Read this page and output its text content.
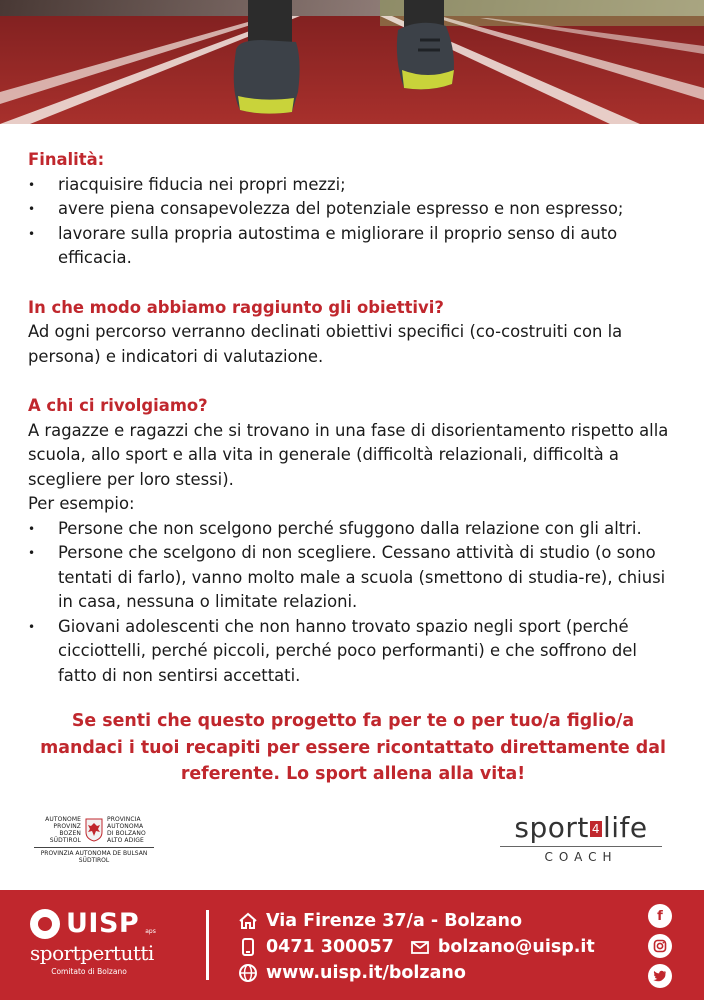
Finalità:
• riacquisire fiducia nei propri mezzi;
• avere piena consapevolezza del potenziale espresso e non espresso;
• lavorare sulla propria autostima e migliorare il proprio senso di auto efficacia.
In che modo abbiamo raggiunto gli obiettivi?
Ad ogni percorso verranno declinati obiettivi specifici (co-costruiti con la persona) e indicatori di valutazione.
A chi ci rivolgiamo?
A ragazze e ragazzi che si trovano in una fase di disorientamento rispetto alla scuola, allo sport e alla vita in generale (difficoltà relazionali, difficoltà a scegliere per loro stessi).
Per esempio:
• Persone che non scelgono perché sfuggono dalla relazione con gli altri.
• Persone che scelgono di non scegliere. Cessano attività di studio (o sono tentati di farlo), vanno molto male a scuola (smettono di studia-re), chiusi in casa, nessuna o limitate relazioni.
• Giovani adolescenti che non hanno trovato spazio negli sport (perché cicciottelli, perché piccoli, perché poco performanti) e che soffrono del fatto di non sentirsi accettati.
Se senti che questo progetto fa per te o per tuo/a figlio/a mandaci i tuoi recapiti per essere ricontattato direttamente dal referente. Lo sport allena alla vita!
AUTONOME
PROVINZ
BOZEN
SÜDTIROL
PROVINCIA
AUTONOMA
DI BOLZANO
ALTO ADIGE
PROVINZIA AUTONOMA DE BULSAN
SÜDTIROL
sport 4 life
COACH
UISP aps
sportpertutti
Comitato di Bolzano
Via Firenze 37/a - Bolzano
0471 300057	bolzano@uisp.it
www.uisp.it/bolzano
f
